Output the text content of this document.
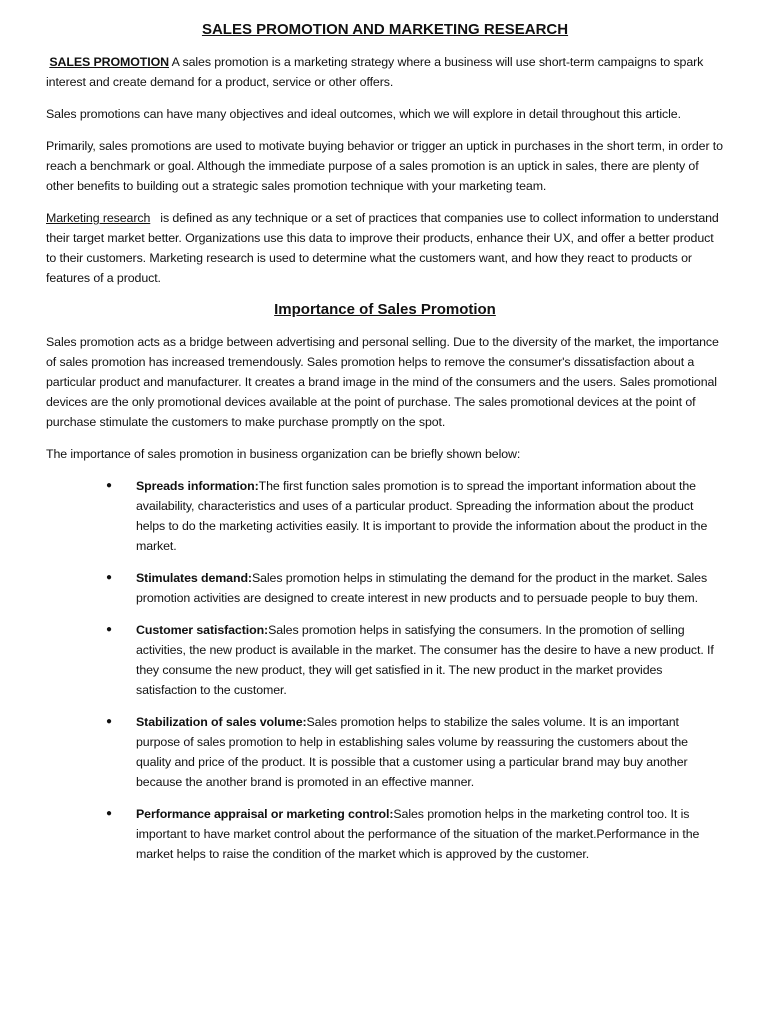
SALES PROMOTION AND MARKETING RESEARCH

SALES PROMOTION A sales promotion is a marketing strategy where a business will use short-term campaigns to spark interest and create demand for a product, service or other offers.

Sales promotions can have many objectives and ideal outcomes, which we will explore in detail throughout this article.

Primarily, sales promotions are used to motivate buying behavior or trigger an uptick in purchases in the short term, in order to reach a benchmark or goal. Although the immediate purpose of a sales promotion is an uptick in sales, there are plenty of other benefits to building out a strategic sales promotion technique with your marketing team.

Marketing research   is defined as any technique or a set of practices that companies use to collect information to understand their target market better. Organizations use this data to improve their products, enhance their UX, and offer a better product to their customers. Marketing research is used to determine what the customers want, and how they react to products or features of a product.

Importance of Sales Promotion

Sales promotion acts as a bridge between advertising and personal selling. Due to the diversity of the market, the importance of sales promotion has increased tremendously. Sales promotion helps to remove the consumer's dissatisfaction about a particular product and manufacturer. It creates a brand image in the mind of the consumers and the users. Sales promotional devices are the only promotional devices available at the point of purchase. The sales promotional devices at the point of purchase stimulate the customers to make purchase promptly on the spot.

The importance of sales promotion in business organization can be briefly shown below:

● Spreads information:The first function sales promotion is to spread the important information about the availability, characteristics and uses of a particular product. Spreading the information about the product helps to do the marketing activities easily. It is important to provide the information about the product in the market.
● Stimulates demand:Sales promotion helps in stimulating the demand for the product in the market. Sales promotion activities are designed to create interest in new products and to persuade people to buy them.
● Customer satisfaction:Sales promotion helps in satisfying the consumers. In the promotion of selling activities, the new product is available in the market. The consumer has the desire to have a new product. If they consume the new product, they will get satisfied in it. The new product in the market provides satisfaction to the customer.
● Stabilization of sales volume:Sales promotion helps to stabilize the sales volume. It is an important purpose of sales promotion to help in establishing sales volume by reassuring the customers about the quality and price of the product. It is possible that a customer using a particular brand may buy another because the another brand is promoted in an effective manner.
● Performance appraisal or marketing control:Sales promotion helps in the marketing control too. It is important to have market control about the performance of the situation of the market.Performance in the market helps to raise the condition of the market which is approved by the customer.
